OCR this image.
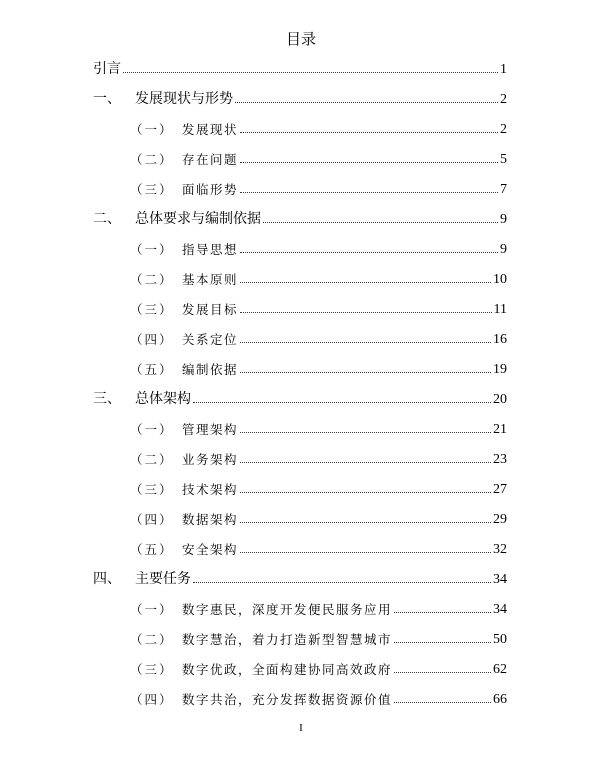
目录
引言	1
一、	发展现状与形势	2
（一） 发展现状	2
（二） 存在问题	5
（三） 面临形势	7
二、	总体要求与编制依据	9
（一） 指导思想	9
（二） 基本原则	10
（三） 发展目标	11
（四） 关系定位	16
（五） 编制依据	19
三、	总体架构	20
（一） 管理架构	21
（二） 业务架构	23
（三） 技术架构	27
（四） 数据架构	29
（五） 安全架构	32
四、	主要任务	34
（一） 数字惠民，深度开发便民服务应用	34
（二） 数字慧治，着力打造新型智慧城市	50
（三） 数字优政，全面构建协同高效政府	62
（四） 数字共治，充分发挥数据资源价值	66
I
